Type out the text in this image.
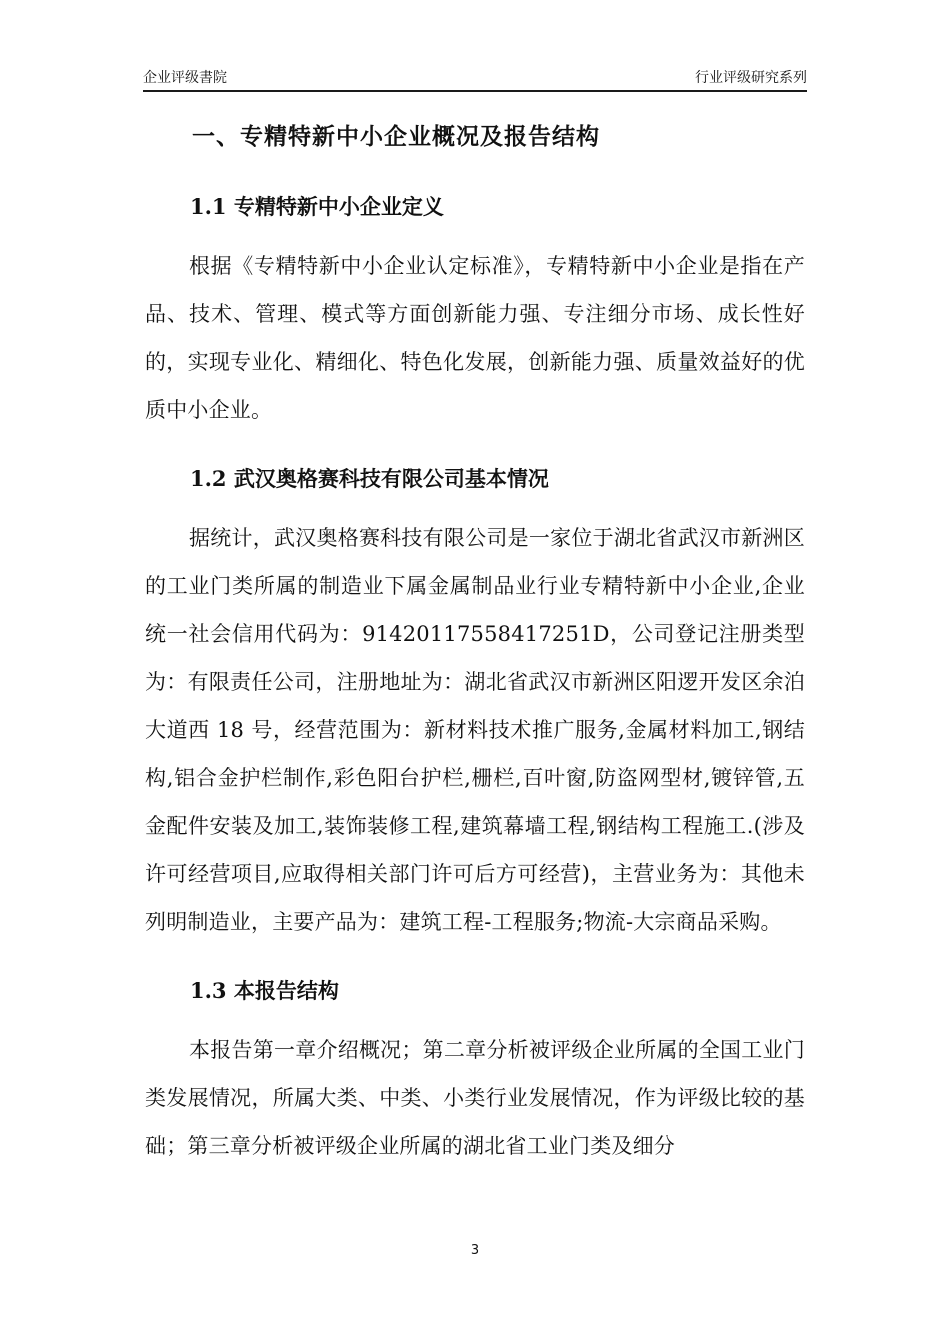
企业评级書院	行业评级研究系列
一、专精特新中小企业概况及报告结构
1.1 专精特新中小企业定义

根据《专精特新中小企业认定标准》，专精特新中小企业是指在产品、技术、管理、模式等方面创新能力强、专注细分市场、成长性好的，实现专业化、精细化、特色化发展，创新能力强、质量效益好的优质中小企业。

1.2 武汉奥格赛科技有限公司基本情况

据统计，武汉奥格赛科技有限公司是一家位于湖北省武汉市新洲区的工业门类所属的制造业下属金属制品业行业专精特新中小企业,企业统一社会信用代码为：91420117558417251D，公司登记注册类型为：有限责任公司，注册地址为：湖北省武汉市新洲区阳逻开发区余泊大道西 18 号，经营范围为：新材料技术推广服务,金属材料加工,钢结构,铝合金护栏制作,彩色阳台护栏,栅栏,百叶窗,防盗网型材,镀锌管,五金配件安装及加工,装饰装修工程,建筑幕墙工程,钢结构工程施工.(涉及许可经营项目,应取得相关部门许可后方可经营)，主营业务为：其他未列明制造业，主要产品为：建筑工程-工程服务;物流-大宗商品采购。

1.3 本报告结构

本报告第一章介绍概况；第二章分析被评级企业所属的全国工业门类发展情况，所属大类、中类、小类行业发展情况，作为评级比较的基础；第三章分析被评级企业所属的湖北省工业门类及细分

3
